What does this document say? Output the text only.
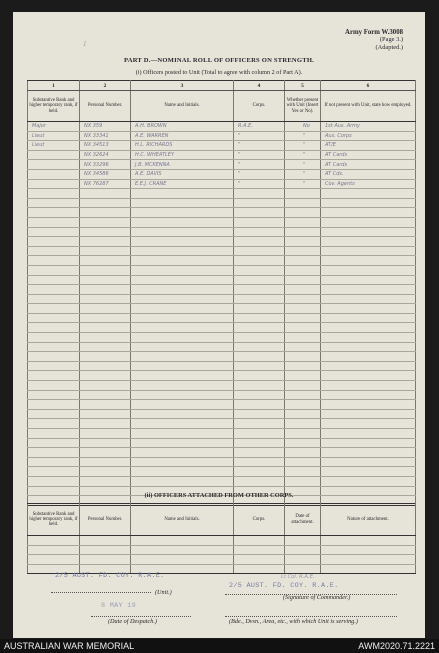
1
Army Form W.3008
(Page 3.)
(Adapted.)
PART D.—NOMINAL ROLL OF OFFICERS ON STRENGTH.
(i) Officers posted to Unit (Total to agree with column 2 of Part A).
1	2	3	4	5	6
Substantive Rank and higher temporary rank, if held.	Personal Number.	Name and Initials.	Corps.	Whether present with Unit (Insert Yes or No).	If not present with Unit, state how employed.
Major	NX 359	A.H. BROWN	R.A.E.	No	1st Aus. Army
Lieut	NX 33341	A.E. WARREN	"	"	Aus. Corps
Lieut	NX 34513	H.L. RICHARDS	"	"	AT/E
	NX 32624	H.C. WHEATLEY	"	"	AT Cards
	NX 33296	J.B. MCKENNA	"	"	AT Cards
	NX 34586	A.E. DAVIS	"	"	AT Cds.
	NX 76287	E.E.J. CRANE	"	"	Cov. Agents

(ii) OFFICERS ATTACHED FROM OTHER CORPS.
Substantive Rank and higher temporary rank, if held.	Personal Number.	Name and Initials.	Corps.	Date of attachment.	Nature of attachment.

2/5 AUST. FD. COY. R.A.E.
(Unit.)
Lt Col. R.A.E.
2/5 AUST. FD. COY. R.A.E.
(Signature of Commander.)
8 MAY 19
(Date of Despatch.)	(Bde., Dvsn., Area, etc., with which Unit is serving.)
AUSTRALIAN WAR MEMORIAL	AWM2020.71.2221
